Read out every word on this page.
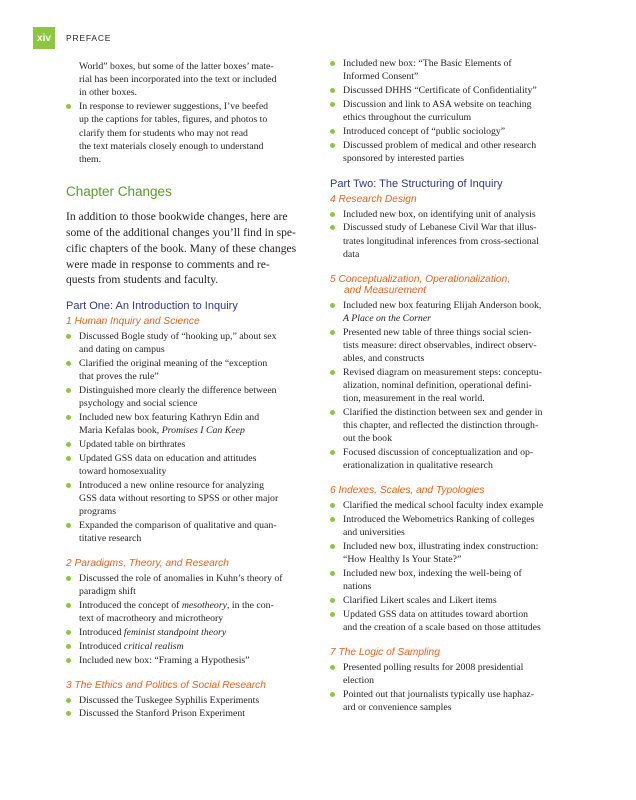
xiv PREFACE
World” boxes, but some of the latter boxes’ mate-
rial has been incorporated into the text or included
in other boxes.
In response to reviewer suggestions, I’ve beefed
up the captions for tables, figures, and photos to
clarify them for students who may not read
the text materials closely enough to understand
them.
Chapter Changes

In addition to those bookwide changes, here are
some of the additional changes you’ll find in spe-
cific chapters of the book. Many of these changes
were made in response to comments and re-
quests from students and faculty.

Part One: An Introduction to Inquiry
1 Human Inquiry and Science
Discussed Bogle study of “hooking up,” about sex
and dating on campus
Clarified the original meaning of the “exception
that proves the rule”
Distinguished more clearly the difference between
psychology and social science
Included new box featuring Kathryn Edin and
Maria Kefalas book, Promises I Can Keep
Updated table on birthrates
Updated GSS data on education and attitudes
toward homosexuality
Introduced a new online resource for analyzing
GSS data without resorting to SPSS or other major
programs
Expanded the comparison of qualitative and quan-
titative research
2 Paradigms, Theory, and Research
Discussed the role of anomalies in Kuhn’s theory of
paradigm shift
Introduced the concept of mesotheory, in the con-
text of macrotheory and microtheory
Introduced feminist standpoint theory
Introduced critical realism
Included new box: “Framing a Hypothesis”
3 The Ethics and Politics of Social Research
Discussed the Tuskegee Syphilis Experiments
Discussed the Stanford Prison Experiment
Included new box: “The Basic Elements of
Informed Consent”
Discussed DHHS “Certificate of Confidentiality”
Discussion and link to ASA website on teaching
ethics throughout the curriculum
Introduced concept of “public sociology”
Discussed problem of medical and other research
sponsored by interested parties
Part Two: The Structuring of Inquiry
4 Research Design
Included new box, on identifying unit of analysis
Discussed study of Lebanese Civil War that illus-
trates longitudinal inferences from cross-sectional
data
5 Conceptualization, Operationalization,
and Measurement
Included new box featuring Elijah Anderson book,
A Place on the Corner
Presented new table of three things social scien-
tists measure: direct observables, indirect observ-
ables, and constructs
Revised diagram on measurement steps: conceptu-
alization, nominal definition, operational defini-
tion, measurement in the real world.
Clarified the distinction between sex and gender in
this chapter, and reflected the distinction through-
out the book
Focused discussion of conceptualization and op-
erationalization in qualitative research
6 Indexes, Scales, and Typologies
Clarified the medical school faculty index example
Introduced the Webometrics Ranking of colleges
and universities
Included new box, illustrating index construction:
“How Healthy Is Your State?”
Included new box, indexing the well-being of
nations
Clarified Likert scales and Likert items
Updated GSS data on attitudes toward abortion
and the creation of a scale based on those attitudes
7 The Logic of Sampling
Presented polling results for 2008 presidential
election
Pointed out that journalists typically use haphaz-
ard or convenience samples
